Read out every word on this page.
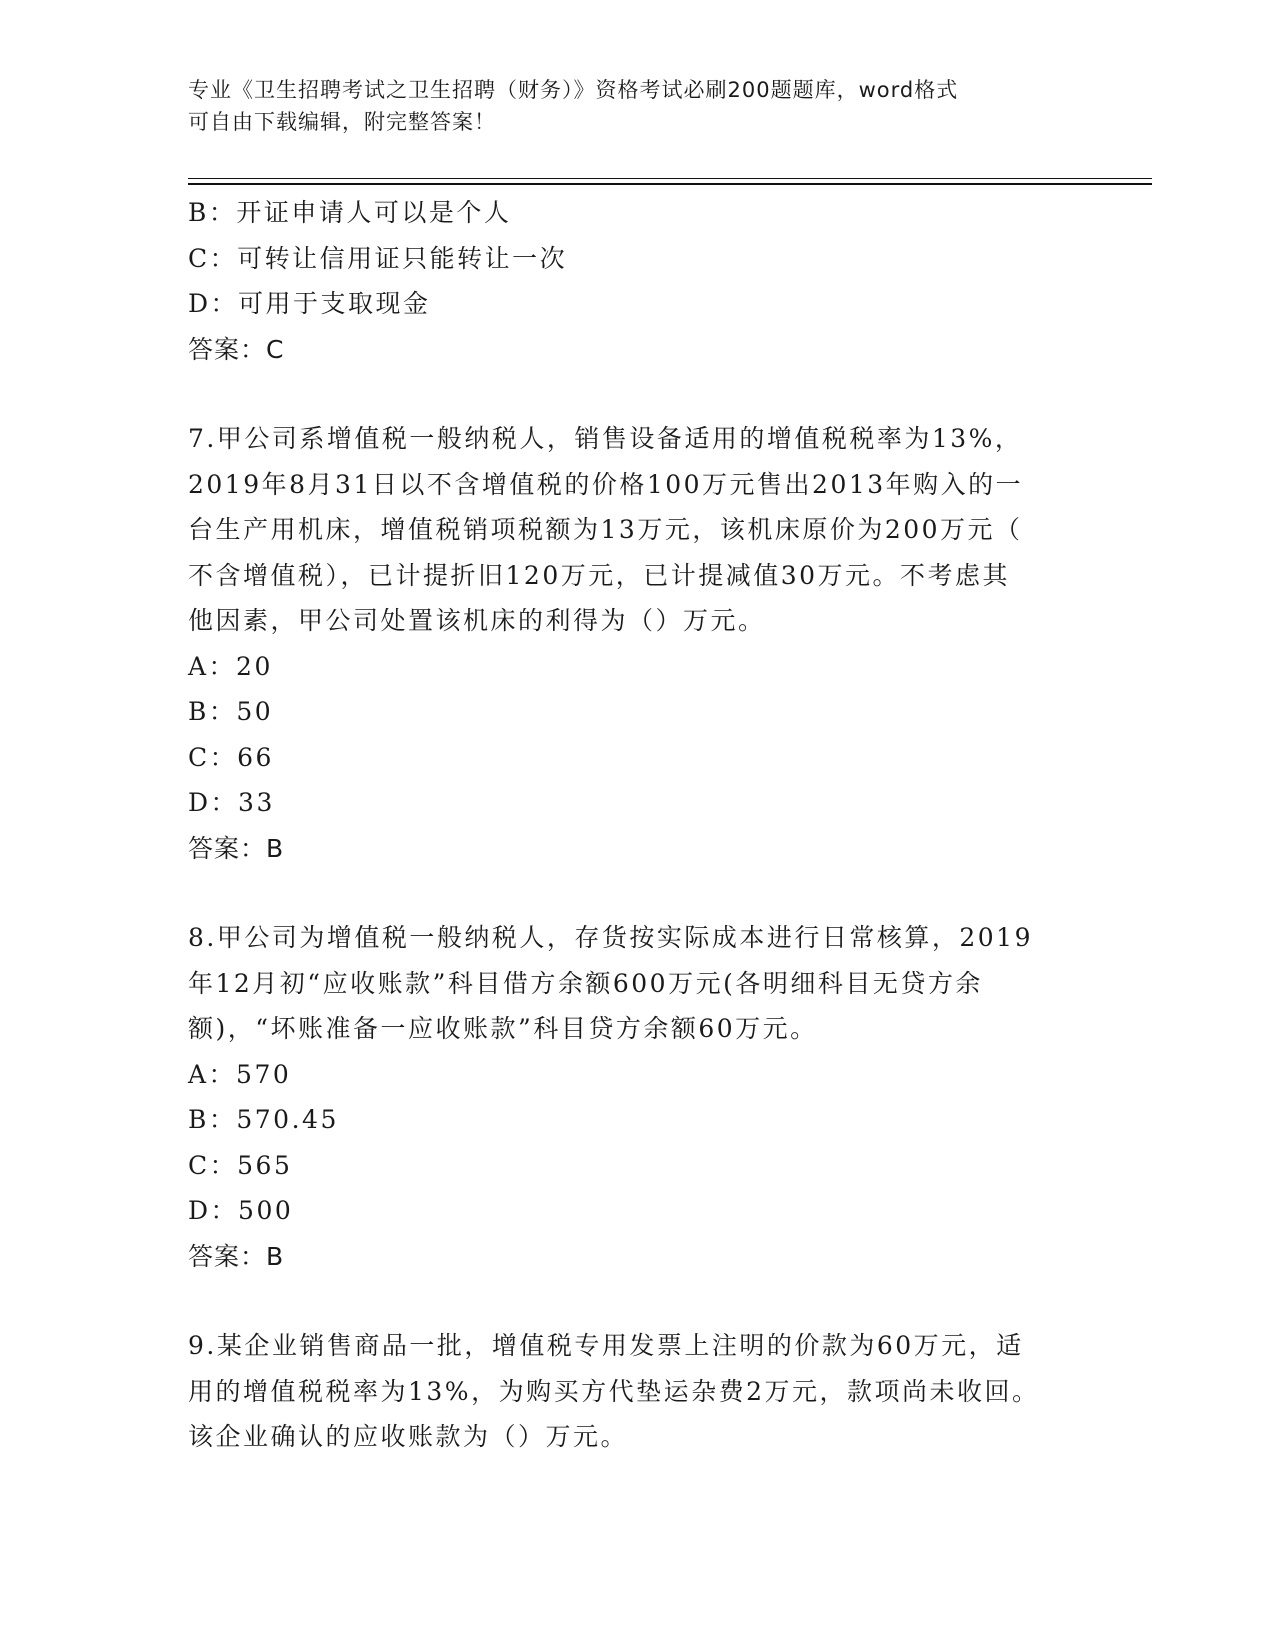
专业《卫生招聘考试之卫生招聘（财务）》资格考试必刷200题题库，word格式
可自由下载编辑，附完整答案！
B：开证申请人可以是个人
C：可转让信用证只能转让一次
D：可用于支取现金
答案：C
7.甲公司系增值税一般纳税人，销售设备适用的增值税税率为13%，
2019年8月31日以不含增值税的价格100万元售出2013年购入的一
台生产用机床，增值税销项税额为13万元，该机床原价为200万元（
不含增值税），已计提折旧120万元，已计提减值30万元。不考虑其
他因素，甲公司处置该机床的利得为（）万元。
A：20
B：50
C：66
D：33
答案：B
8.甲公司为增值税一般纳税人，存货按实际成本进行日常核算，2019
年12月初“应收账款”科目借方余额600万元(各明细科目无贷方余
额)，“坏账准备一应收账款”科目贷方余额60万元。
A：570
B：570.45
C：565
D：500
答案：B
9.某企业销售商品一批，增值税专用发票上注明的价款为60万元，适
用的增值税税率为13%，为购买方代垫运杂费2万元，款项尚未收回。
该企业确认的应收账款为（）万元。
